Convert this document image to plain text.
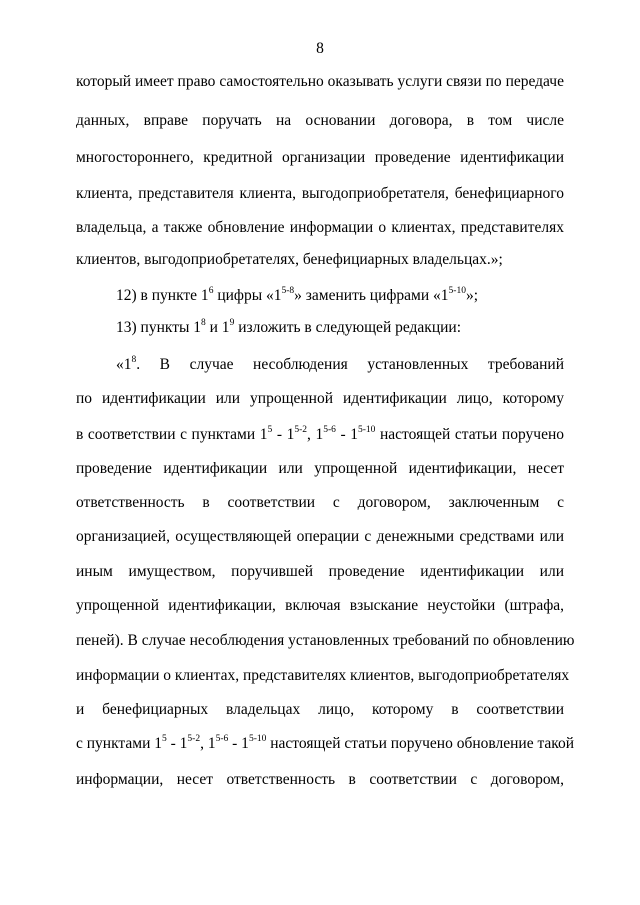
8
который имеет право самостоятельно оказывать услуги связи по передаче
данных, вправе поручать на основании договора, в том числе
многостороннего, кредитной организации проведение идентификации
клиента, представителя клиента, выгодоприобретателя, бенефициарного
владельца, а также обновление информации о клиентах, представителях
клиентов, выгодоприобретателях, бенефициарных владельцах.»;
12) в пункте $1^6$ цифры «1$^{5-8}$» заменить цифрами «1$^{5-10}$»;
13) пункты $1^8$ и $1^9$ изложить в следующей редакции:
«$1^8$. В случае несоблюдения установленных требований
по идентификации или упрощенной идентификации лицо, которому
в соответствии с пунктами $1^5 - 1^{5-2}$, 1$^{5-6}$ - 1$^{5-10}$ настоящей статьи поручено
проведение идентификации или упрощенной идентификации, несет
ответственность в соответствии с договором, заключенным с
организацией, осуществляющей операции с денежными средствами или
иным имуществом, поручившей проведение идентификации или
упрощенной идентификации, включая взыскание неустойки (штрафа,
пеней). В случае несоблюдения установленных требований по обновлению
информации о клиентах, представителях клиентов, выгодоприобретателях
и бенефициарных владельцах лицо, которому в соответствии
с пунктами $1^5 - 1^{5-2}$, 1$^{5-6}$ - 1$^{5-10}$ настоящей статьи поручено обновление такой
информации, несет ответственность в соответствии с договором,
